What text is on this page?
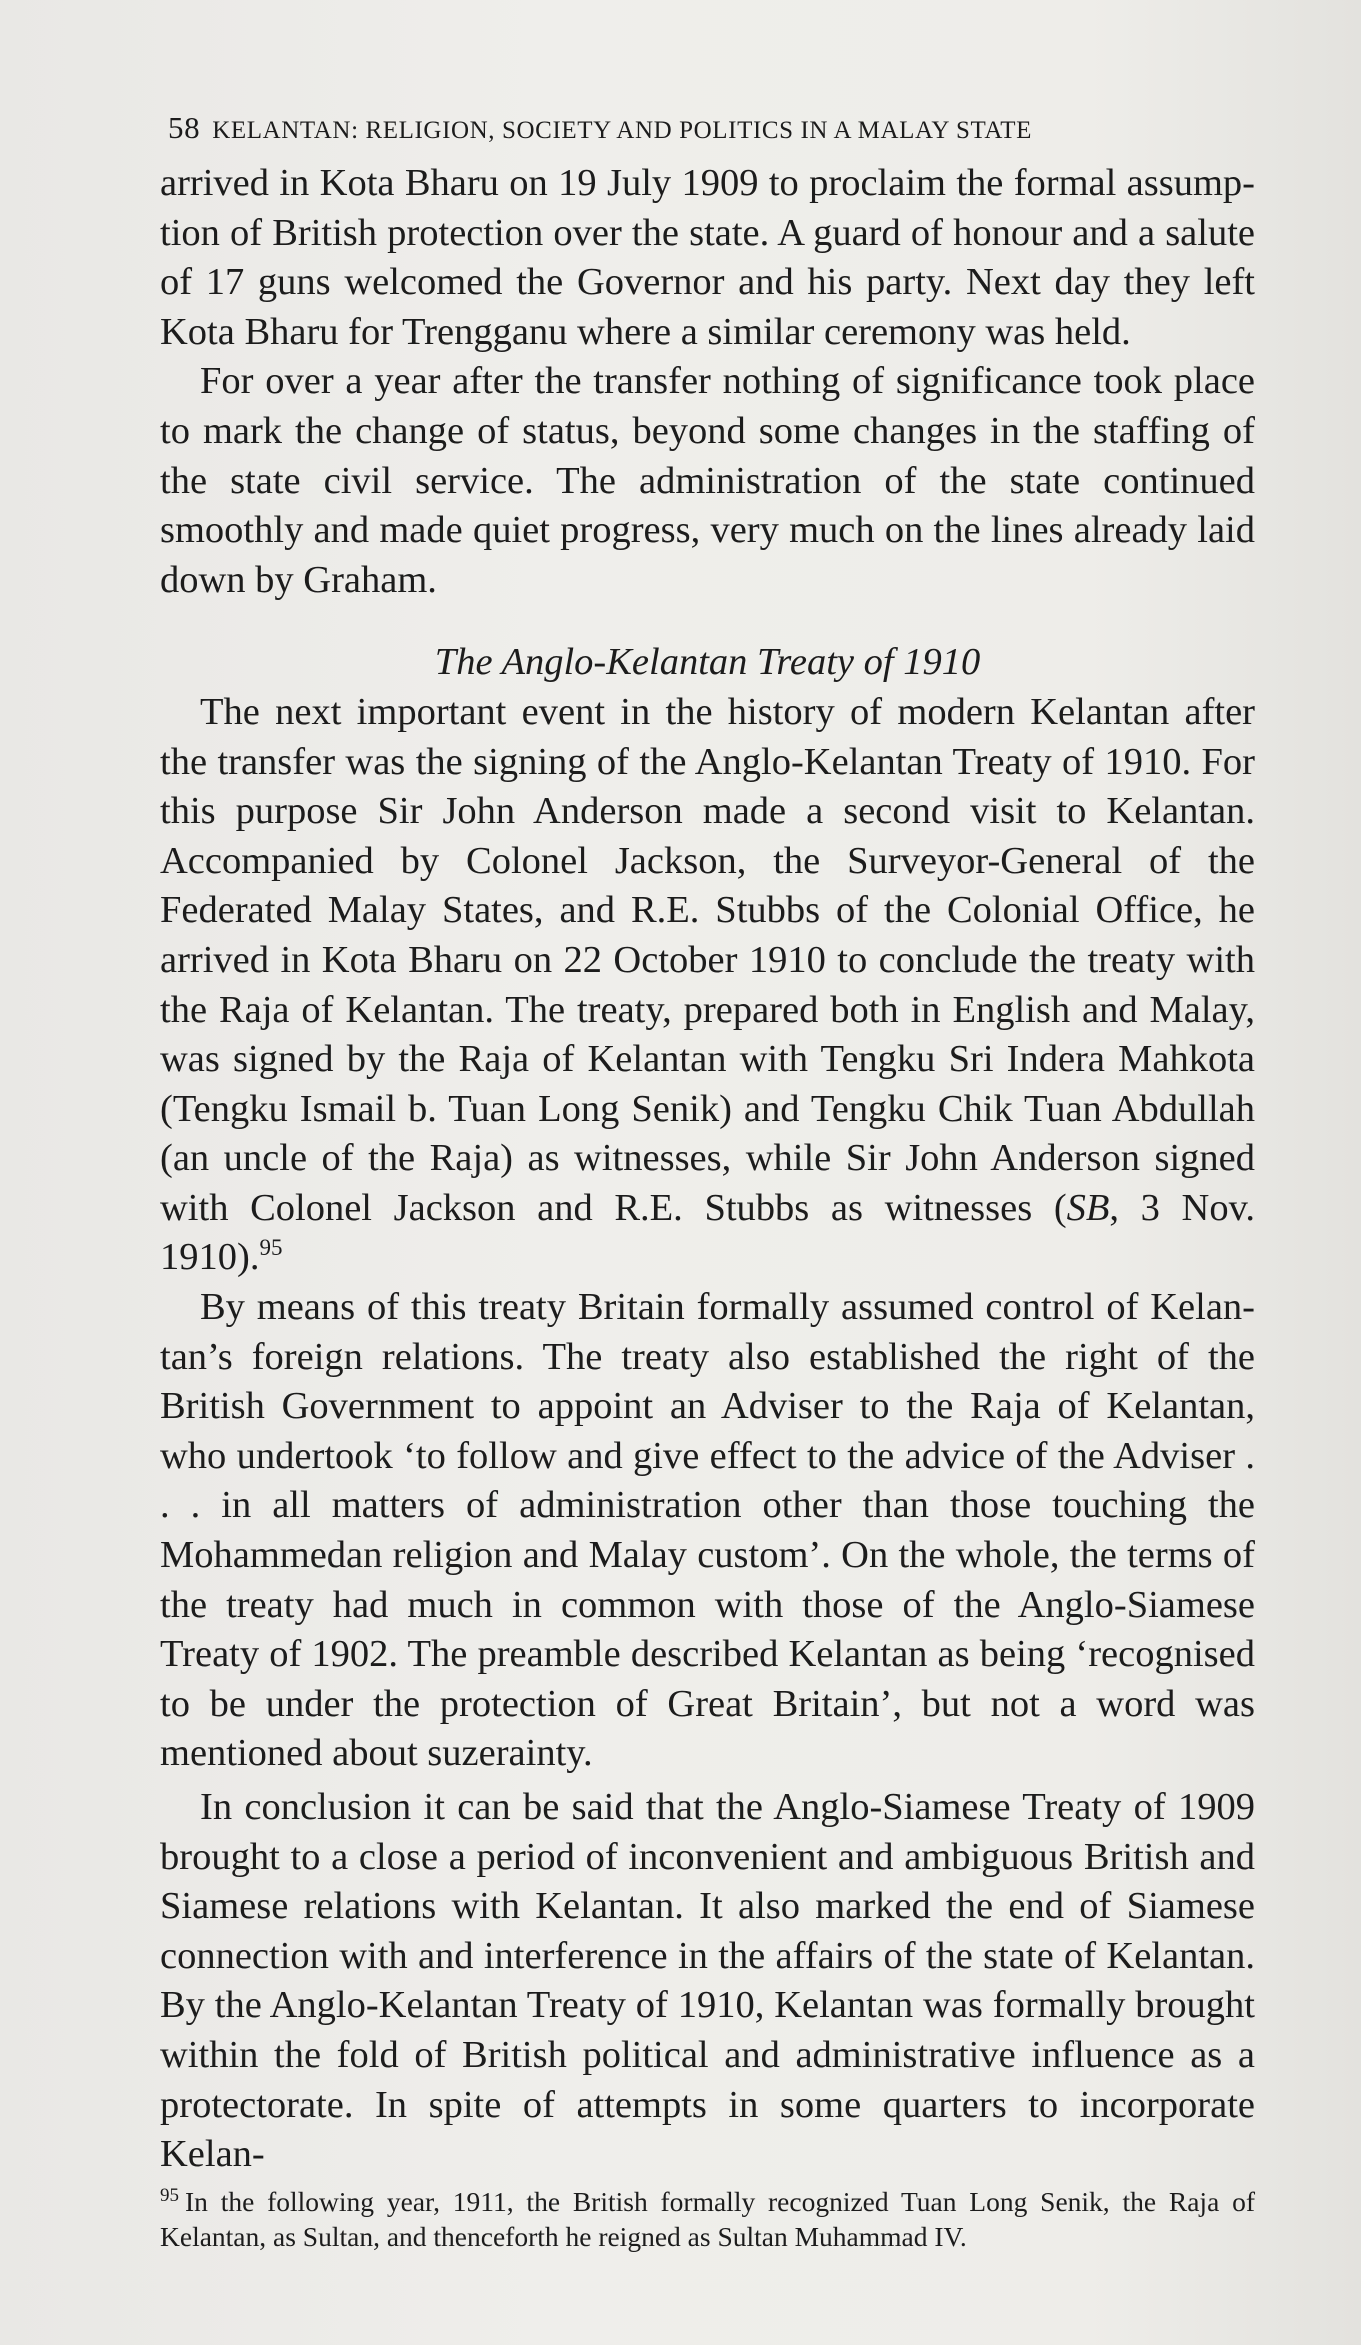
58 KELANTAN: RELIGION, SOCIETY AND POLITICS IN A MALAY STATE

arrived in Kota Bharu on 19 July 1909 to proclaim the formal assumption of British protection over the state. A guard of honour and a salute of 17 guns welcomed the Governor and his party. Next day they left Kota Bharu for Trengganu where a similar ceremony was held.

For over a year after the transfer nothing of significance took place to mark the change of status, beyond some changes in the staffing of the state civil service. The administration of the state continued smoothly and made quiet progress, very much on the lines already laid down by Graham.

The Anglo-Kelantan Treaty of 1910

The next important event in the history of modern Kelantan after the transfer was the signing of the Anglo-Kelantan Treaty of 1910. For this purpose Sir John Anderson made a second visit to Kelantan. Accompanied by Colonel Jackson, the Surveyor-General of the Federated Malay States, and R.E. Stubbs of the Colonial Office, he arrived in Kota Bharu on 22 October 1910 to conclude the treaty with the Raja of Kelantan. The treaty, prepared both in English and Malay, was signed by the Raja of Kelantan with Tengku Sri Indera Mahkota (Tengku Ismail b. Tuan Long Senik) and Tengku Chik Tuan Abdullah (an uncle of the Raja) as witnesses, while Sir John Anderson signed with Colonel Jackson and R.E. Stubbs as witnesses (SB, 3 Nov. 1910).$^{95}$

By means of this treaty Britain formally assumed control of Kelantan’s foreign relations. The treaty also established the right of the British Government to appoint an Adviser to the Raja of Kelantan, who undertook ‘to follow and give effect to the advice of the Adviser . . . in all matters of administration other than those touching the Mohammedan religion and Malay custom’. On the whole, the terms of the treaty had much in common with those of the Anglo-Siamese Treaty of 1902. The preamble described Kelantan as being ‘recognised to be under the protection of Great Britain’, but not a word was mentioned about suzerainty.

In conclusion it can be said that the Anglo-Siamese Treaty of 1909 brought to a close a period of inconvenient and ambiguous British and Siamese relations with Kelantan. It also marked the end of Siamese connection with and interference in the affairs of the state of Kelantan. By the Anglo-Kelantan Treaty of 1910, Kelantan was formally brought within the fold of British political and administrative influence as a protectorate. In spite of attempts in some quarters to incorporate Kelan-

$^{95}$ In the following year, 1911, the British formally recognized Tuan Long Senik, the Raja of Kelantan, as Sultan, and thenceforth he reigned as Sultan Muhammad IV.
